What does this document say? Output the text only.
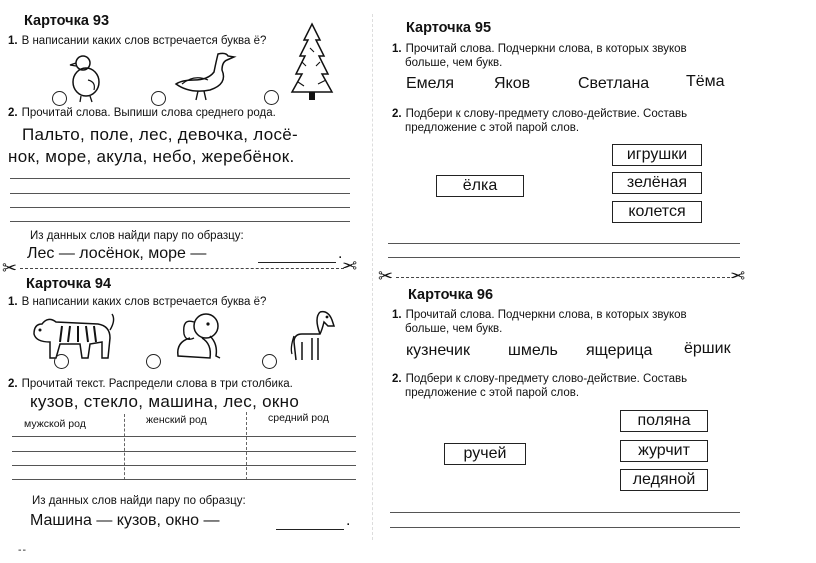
Карточка 93
1. В написании каких слов встречается буква ё?
2. Прочитай слова. Выпиши слова среднего рода.
Пальто, поле, лес, девочка, лосё-
нок, море, акула, небо, жеребёнок.
Из данных слов найди пару по образцу:
Лес — лосёнок, море —	.
✂	✂
Карточка 94
1. В написании каких слов встречается буква ё?
2. Прочитай текст. Распредели слова в три столбика.
кузов, стекло, машина, лес, окно
мужской род	женский род	средний род
Из данных слов найди пару по образцу:
Машина — кузов, окно —	.
--
Карточка 95
1. Прочитай слова. Подчеркни слова, в которых звуков
больше, чем букв.
Емеля Яков	Светлана Тёма
2. Подбери к слову-предмету слово-действие. Составь
предложение с этой парой слов.
ёлка
игрушки
зелёная
колется
✂	✂
Карточка 96
1. Прочитай слова. Подчеркни слова, в которых звуков
больше, чем букв.
кузнечик шмель ящерица ёршик
2. Подбери к слову-предмету слово-действие. Составь
предложение с этой парой слов.
ручей
поляна
журчит
ледяной
